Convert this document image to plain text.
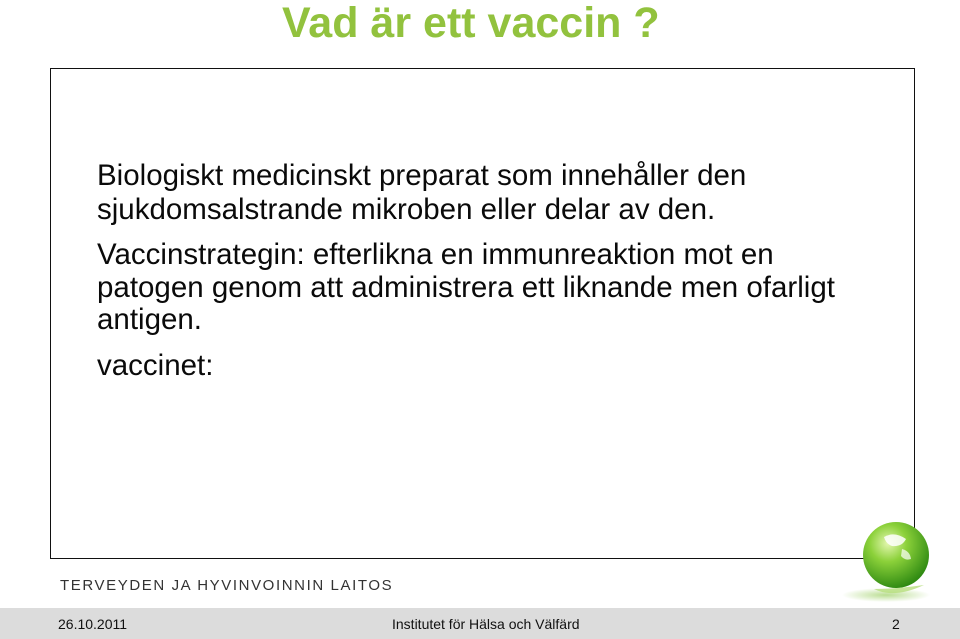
Vad är ett vaccin ?

Biologiskt medicinskt preparat som innehåller den

sjukdomsalstrande mikroben eller delar av den.

Vaccinstrategin: efterlikna en immunreaktion mot en

patogen genom att administrera ett liknande men ofarligt

antigen.

vaccinet:

TERVEYDEN JA HYVINVOINNIN LAITOS
26.10.2011	Institutet för Hälsa och Välfärd	2
